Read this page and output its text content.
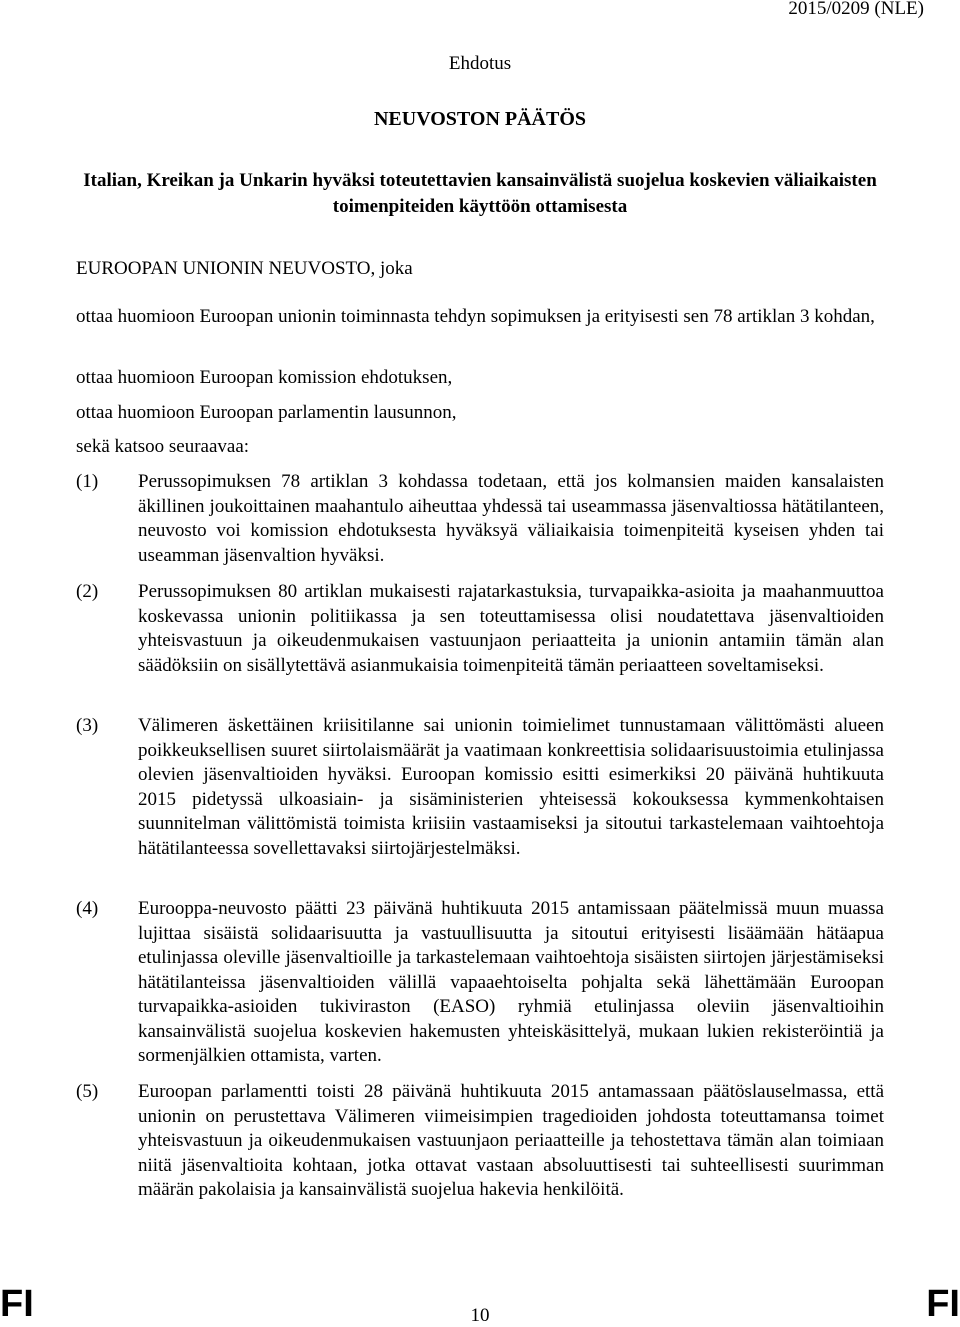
2015/0209 (NLE)
Ehdotus
NEUVOSTON PÄÄTÖS
Italian, Kreikan ja Unkarin hyväksi toteutettavien kansainvälistä suojelua koskevien väliaikaisten toimenpiteiden käyttöön ottamisesta
EUROOPAN UNIONIN NEUVOSTO, joka
ottaa huomioon Euroopan unionin toiminnasta tehdyn sopimuksen ja erityisesti sen 78 artiklan 3 kohdan,
ottaa huomioon Euroopan komission ehdotuksen,
ottaa huomioon Euroopan parlamentin lausunnon,
sekä katsoo seuraavaa:
(1) Perussopimuksen 78 artiklan 3 kohdassa todetaan, että jos kolmansien maiden kansalaisten äkillinen joukoittainen maahantulo aiheuttaa yhdessä tai useammassa jäsenvaltiossa hätätilanteen, neuvosto voi komission ehdotuksesta hyväksyä väliaikaisia toimenpiteitä kyseisen yhden tai useamman jäsenvaltion hyväksi.
(2) Perussopimuksen 80 artiklan mukaisesti rajatarkastuksia, turvapaikka-asioita ja maahanmuuttoa koskevassa unionin politiikassa ja sen toteuttamisessa olisi noudatettava jäsenvaltioiden yhteisvastuun ja oikeudenmukaisen vastuunjaon periaatteita ja unionin antamiin tämän alan säädöksiin on sisällytettävä asianmukaisia toimenpiteitä tämän periaatteen soveltamiseksi.
(3) Välimeren äskettäinen kriisitilanne sai unionin toimielimet tunnustamaan välittömästi alueen poikkeuksellisen suuret siirtolaismäärät ja vaatimaan konkreettisia solidaarisuustoimia etulinjassa olevien jäsenvaltioiden hyväksi. Euroopan komissio esitti esimerkiksi 20 päivänä huhtikuuta 2015 pidetyssä ulkoasiain- ja sisäministerien yhteisessä kokouksessa kymmenkohtaisen suunnitelman välittömistä toimista kriisiin vastaamiseksi ja sitoutui tarkastelemaan vaihtoehtoja hätätilanteessa sovellettavaksi siirtojärjestelmäksi.
(4) Eurooppa-neuvosto päätti 23 päivänä huhtikuuta 2015 antamissaan päätelmissä muun muassa lujittaa sisäistä solidaarisuutta ja vastuullisuutta ja sitoutui erityisesti lisäämään hätäapua etulinjassa oleville jäsenvaltioille ja tarkastelemaan vaihtoehtoja sisäisten siirtojen järjestämiseksi hätätilanteissa jäsenvaltioiden välillä vapaaehtoiselta pohjalta sekä lähettämään Euroopan turvapaikka-asioiden tukiviraston (EASO) ryhmiä etulinjassa oleviin jäsenvaltioihin kansainvälistä suojelua koskevien hakemusten yhteiskäsittelyä, mukaan lukien rekisteröintiä ja sormenjälkien ottamista, varten.
(5) Euroopan parlamentti toisti 28 päivänä huhtikuuta 2015 antamassaan päätöslauselmassa, että unionin on perustettava Välimeren viimeisimpien tragedioiden johdosta toteuttamansa toimet yhteisvastuun ja oikeudenmukaisen vastuunjaon periaatteille ja tehostettava tämän alan toimiaan niitä jäsenvaltioita kohtaan, jotka ottavat vastaan absoluuttisesti tai suhteellisesti suurimman määrän pakolaisia ja kansainvälistä suojelua hakevia henkilöitä.
FI	10	FI
